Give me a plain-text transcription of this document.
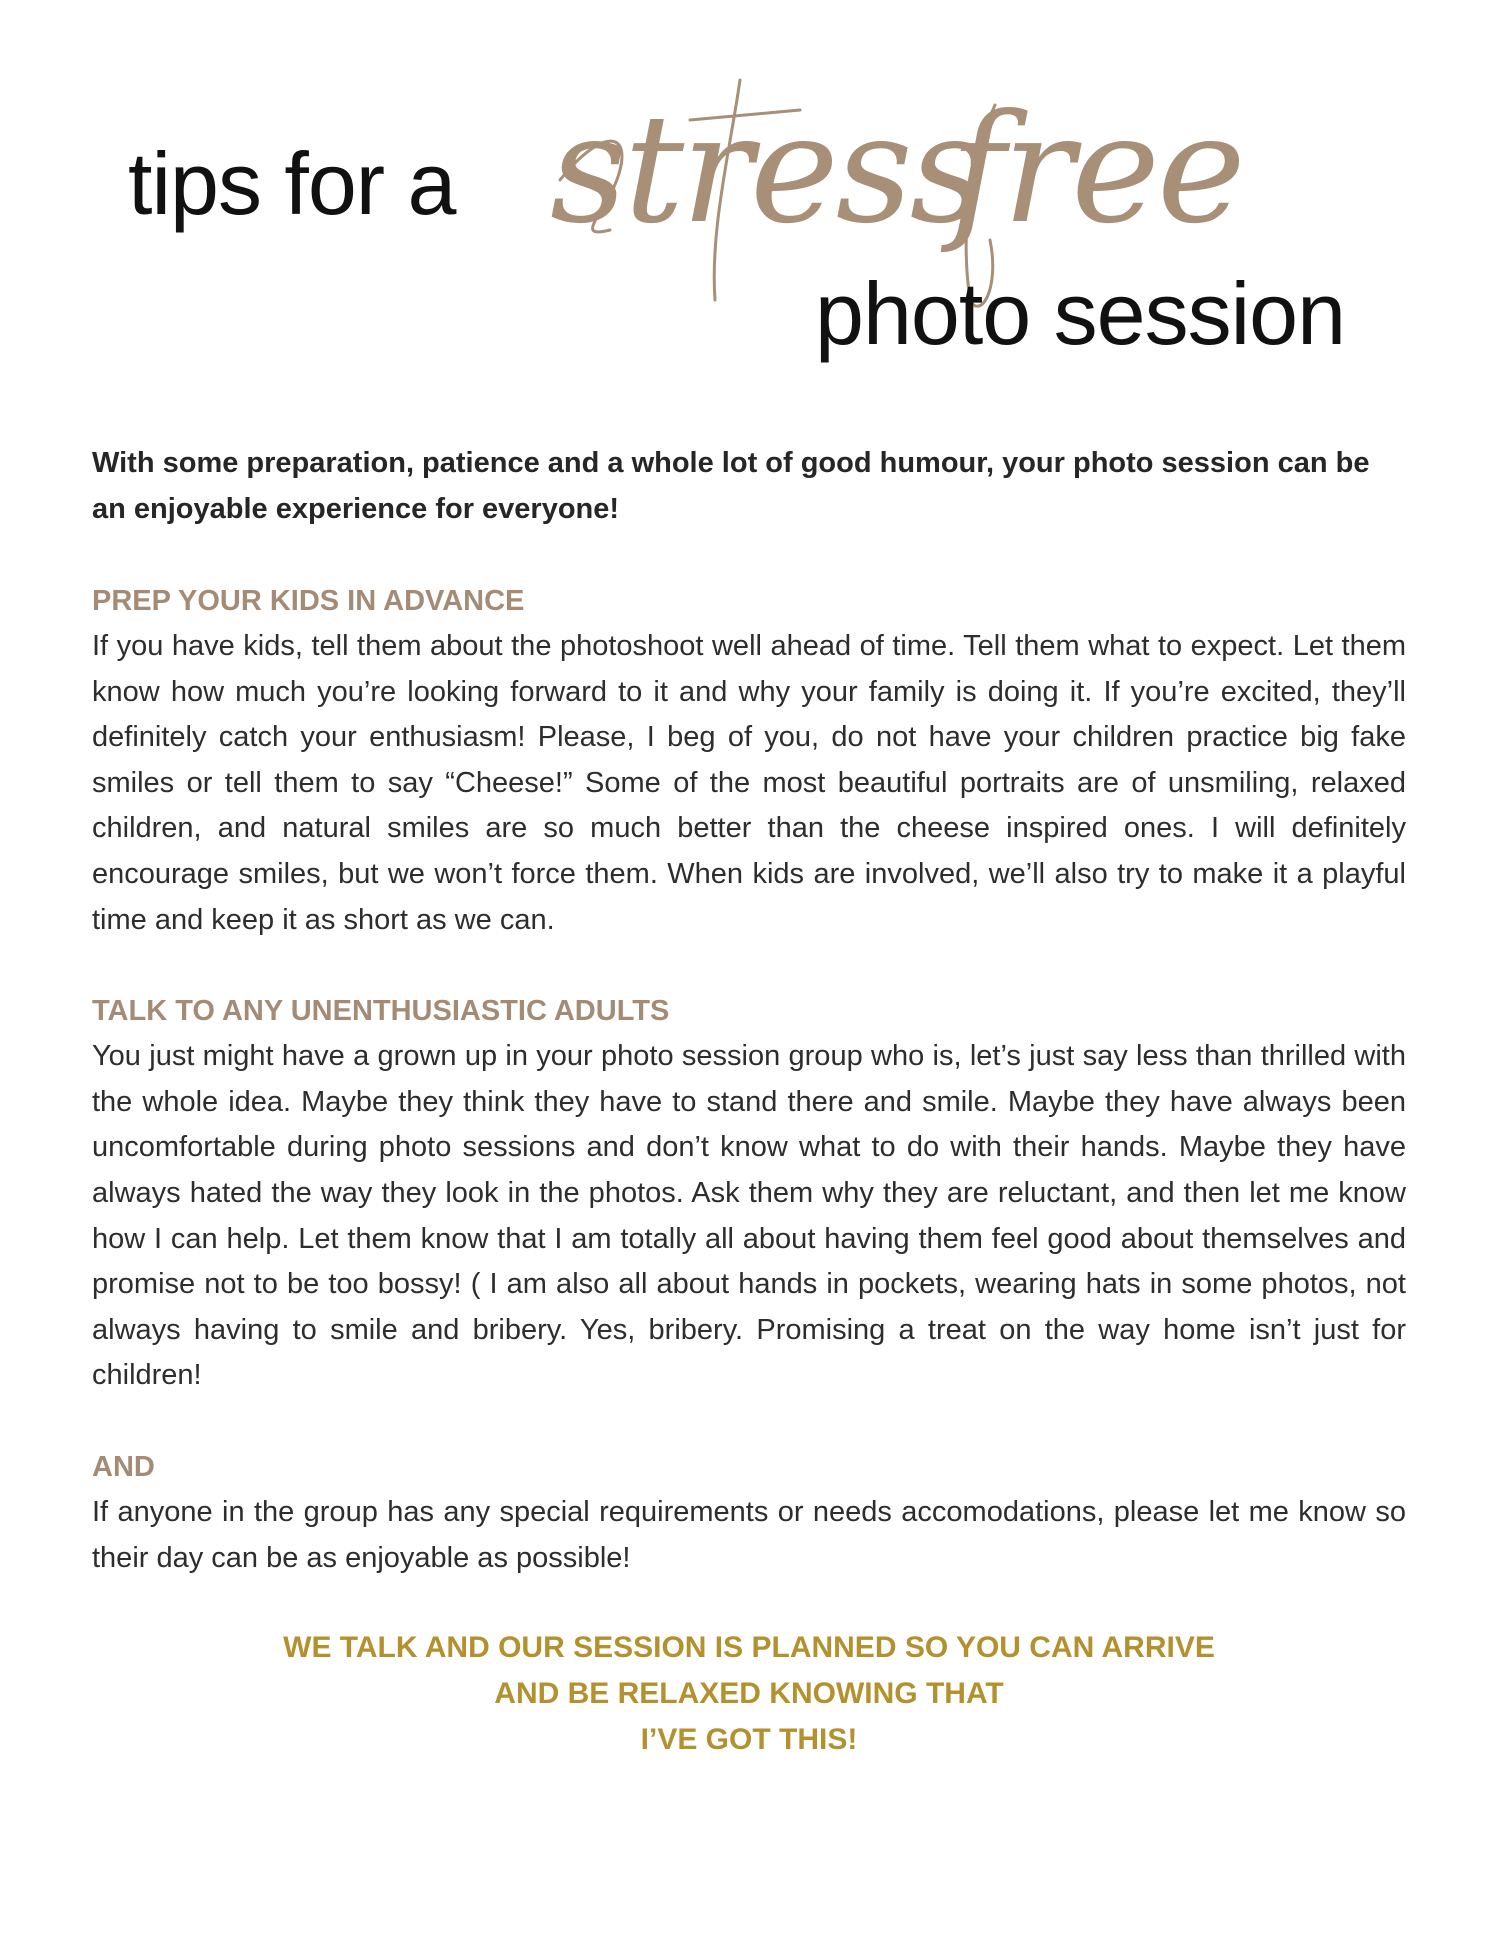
tips for a stress
free
photo session

With some preparation, patience and a whole lot of good humour, your photo session can be an enjoyable experience for everyone!

PREP YOUR KIDS IN ADVANCE

If you have kids, tell them about the photoshoot well ahead of time. Tell them what to expect. Let them know how much you’re looking forward to it and why your family is doing it. If you’re excited, they’ll definitely catch your enthusiasm! Please, I beg of you, do not have your children practice big fake smiles or tell them to say “Cheese!” Some of the most beautiful portraits are of unsmiling, relaxed children, and natural smiles are so much better than the cheese inspired ones. I will definitely encourage smiles, but we won’t force them. When kids are involved, we’ll also try to make it a playful time and keep it as short as we can.

TALK TO ANY UNENTHUSIASTIC ADULTS

You just might have a grown up in your photo session group who is, let’s just say less than thrilled with the whole idea. Maybe they think they have to stand there and smile. Maybe they have always been uncomfortable during photo sessions and don’t know what to do with their hands. Maybe they have always hated the way they look in the photos. Ask them why they are reluctant, and then let me know how I can help. Let them know that I am totally all about having them feel good about themselves and promise not to be too bossy! ( I am also all about hands in pockets, wearing hats in some photos, not always having to smile and bribery. Yes, bribery. Promising a treat on the way home isn’t just for children!

AND

If anyone in the group has any special requirements or needs accomodations, please let me know so their day can be as enjoyable as possible!

WE TALK AND OUR SESSION IS PLANNED SO YOU CAN ARRIVE

AND BE RELAXED KNOWING THAT

I’VE GOT THIS!
